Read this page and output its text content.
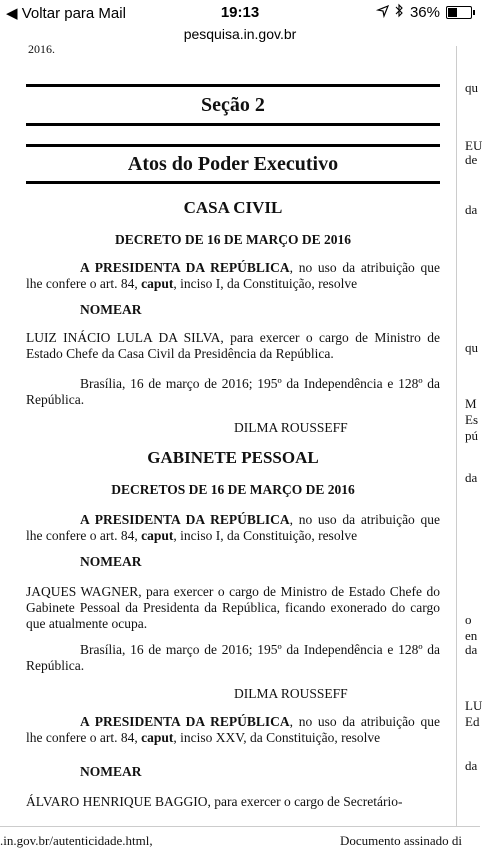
◀ Voltar para Mail	19:13	36%
pesquisa.in.gov.br
2016.
Seção 2
Atos do Poder Executivo
CASA CIVIL
DECRETO DE 16 DE MARÇO DE 2016
A PRESIDENTA DA REPÚBLICA, no uso da atribuição que lhe confere o art. 84, caput, inciso I, da Constituição, resolve
NOMEAR
LUIZ INÁCIO LULA DA SILVA, para exercer o cargo de Ministro de Estado Chefe da Casa Civil da Presidência da República.
Brasília, 16 de março de 2016; 195º da Independência e 128º da República.
DILMA ROUSSEFF
GABINETE PESSOAL
DECRETOS DE 16 DE MARÇO DE 2016
A PRESIDENTA DA REPÚBLICA, no uso da atribuição que lhe confere o art. 84, caput, inciso I, da Constituição, resolve
NOMEAR
JAQUES WAGNER, para exercer o cargo de Ministro de Estado Chefe do Gabinete Pessoal da Presidenta da República, ficando exonerado do cargo que atualmente ocupa.
Brasília, 16 de março de 2016; 195º da Independência e 128º da República.
DILMA ROUSSEFF
A PRESIDENTA DA REPÚBLICA, no uso da atribuição que lhe confere o art. 84, caput, inciso XXV, da Constituição, resolve
NOMEAR
ÁLVARO HENRIQUE BAGGIO, para exercer o cargo de Secretário-
qu
EU
de
da
qu
M
Es
pú
da
o
en
da
LU
Ed
da
.in.gov.br/autenticidade.html,	Documento assinado di
